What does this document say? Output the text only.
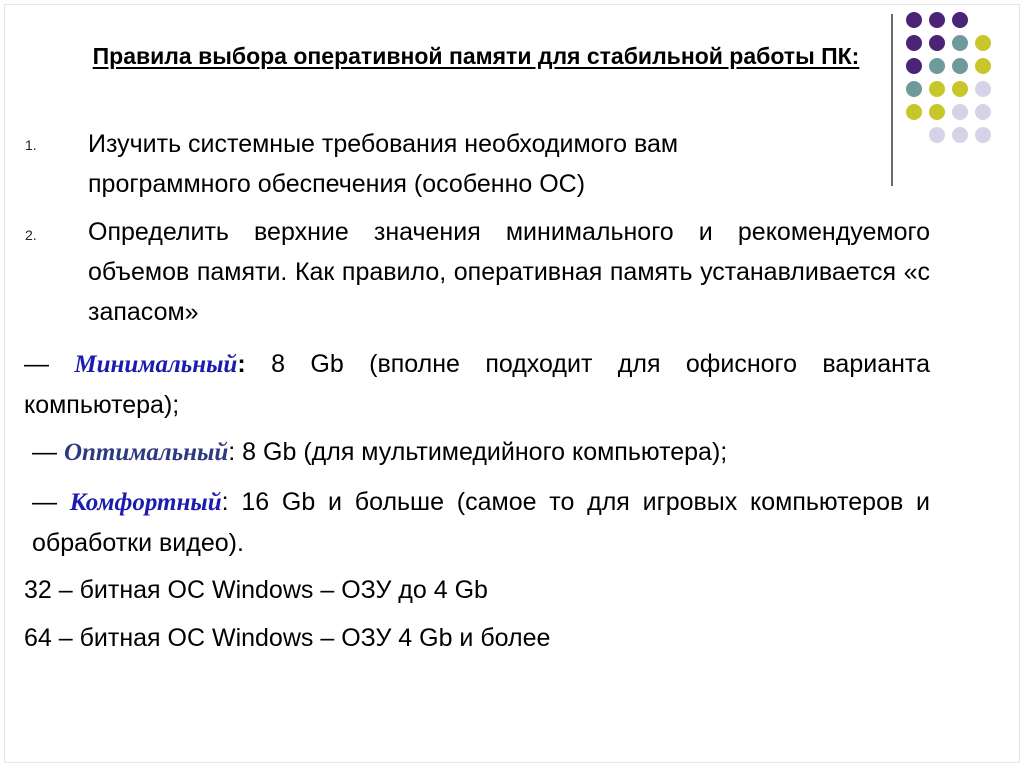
Правила выбора оперативной памяти для стабильной работы ПК:
1. Изучить системные требования необходимого вам программного обеспечения (особенно ОС)

2. Определить верхние значения минимального и рекомендуемого объемов памяти. Как правило, оперативная память устанавливается «с запасом»

— Минимальный: 8 Gb (вполне подходит для офисного варианта компьютера);

— Оптимальный: 8 Gb (для мультимедийного компьютера);

— Комфортный: 16 Gb и больше (самое то для игровых компьютеров и обработки видео).

32 – битная ОС Windows – ОЗУ до 4 Gb

64 – битная ОС Windows – ОЗУ 4 Gb и более
